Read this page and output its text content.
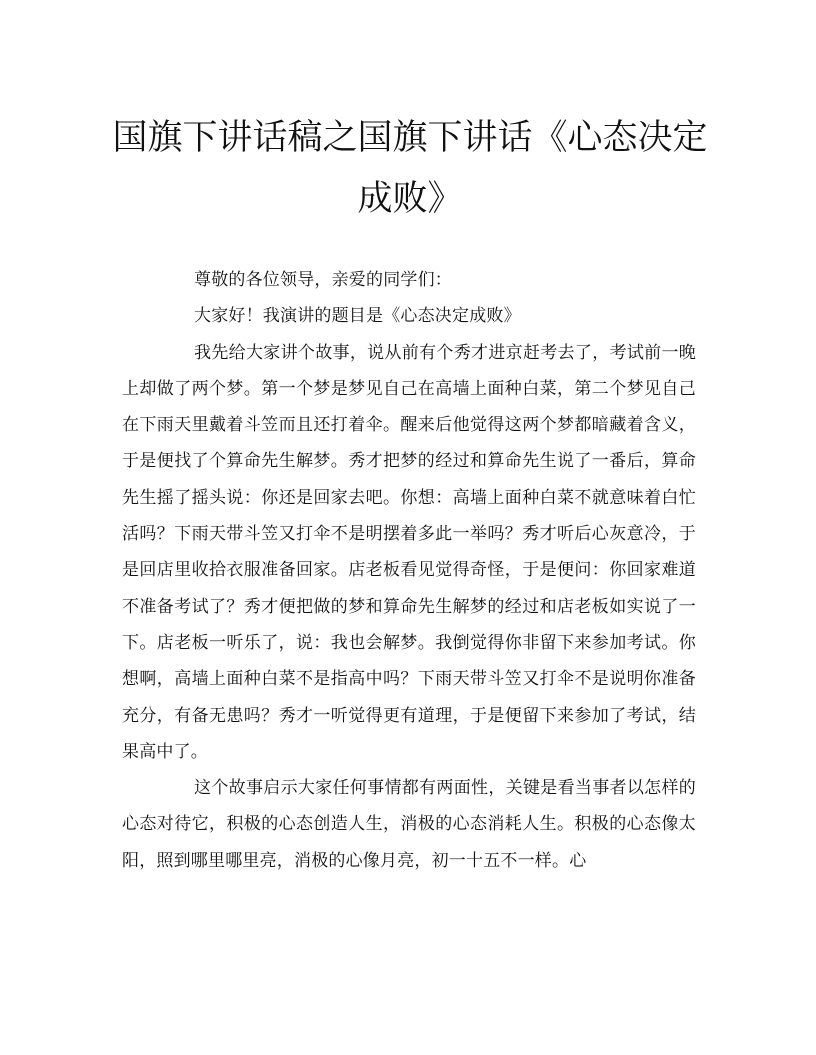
国旗下讲话稿之国旗下讲话《心态决定成败》

尊敬的各位领导，亲爱的同学们：

大家好！我演讲的题目是《心态决定成败》

我先给大家讲个故事，说从前有个秀才进京赶考去了，考试前一晚上却做了两个梦。第一个梦是梦见自己在高墙上面种白菜，第二个梦见自己在下雨天里戴着斗笠而且还打着伞。醒来后他觉得这两个梦都暗藏着含义，于是便找了个算命先生解梦。秀才把梦的经过和算命先生说了一番后，算命先生摇了摇头说：你还是回家去吧。你想：高墙上面种白菜不就意味着白忙活吗？下雨天带斗笠又打伞不是明摆着多此一举吗？秀才听后心灰意冷，于是回店里收拾衣服准备回家。店老板看见觉得奇怪，于是便问：你回家难道不准备考试了？秀才便把做的梦和算命先生解梦的经过和店老板如实说了一下。店老板一听乐了，说：我也会解梦。我倒觉得你非留下来参加考试。你想啊，高墙上面种白菜不是指高中吗？下雨天带斗笠又打伞不是说明你准备充分，有备无患吗？秀才一听觉得更有道理，于是便留下来参加了考试，结果高中了。

这个故事启示大家任何事情都有两面性，关键是看当事者以怎样的心态对待它，积极的心态创造人生，消极的心态消耗人生。积极的心态像太阳，照到哪里哪里亮，消极的心像月亮，初一十五不一样。心
